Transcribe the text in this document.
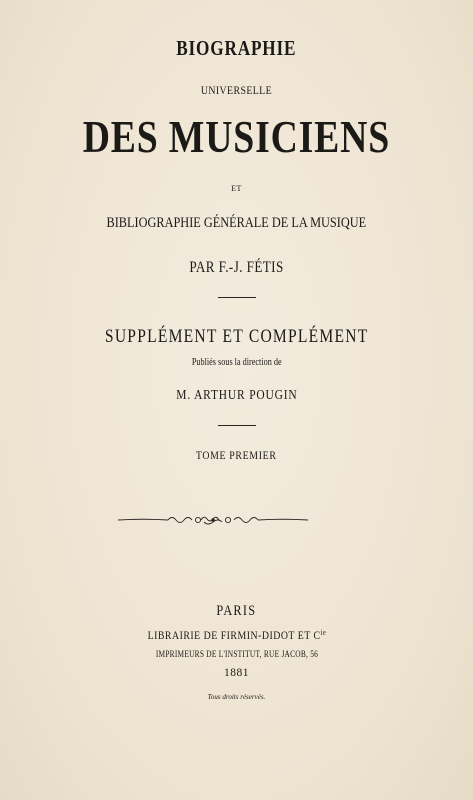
BIOGRAPHIE
UNIVERSELLE
DES MUSICIENS
ET
BIBLIOGRAPHIE GÉNÉRALE DE LA MUSIQUE
PAR F.-J. FÉTIS
SUPPLÉMENT ET COMPLÉMENT
Publiés sous la direction de
M. ARTHUR POUGIN
TOME PREMIER
PARIS
LIBRAIRIE DE FIRMIN-DIDOT ET $C^{ie}$
IMPRIMEURS DE L'INSTITUT, RUE JACOB, 56
1881
Tous droits réservés.
